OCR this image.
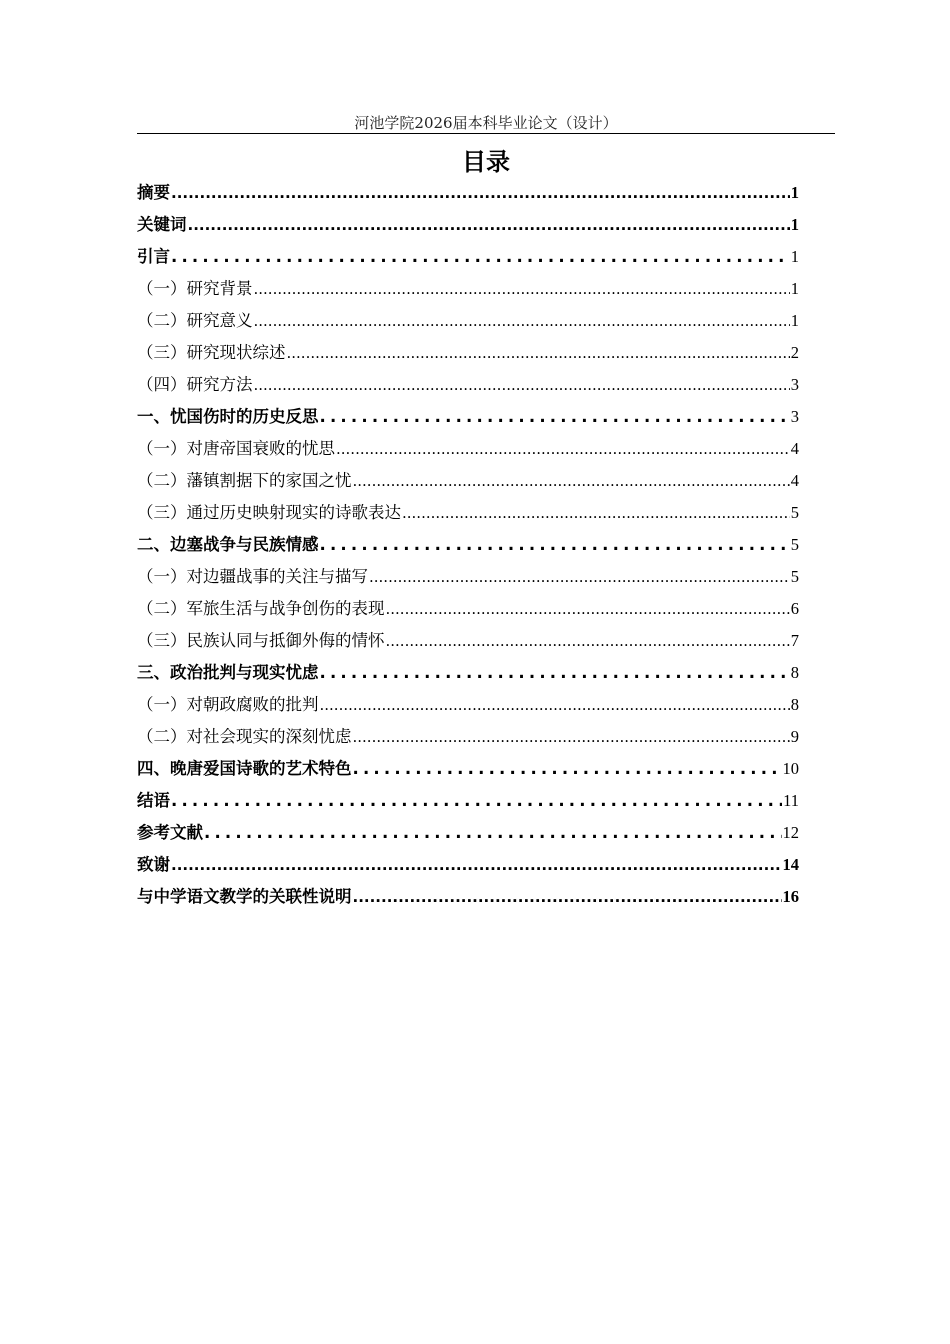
河池学院2026届本科毕业论文（设计）
目录
摘要 .....	1
关键词 .....	1
引言 .....	1
（一）研究背景 .....	1
（二）研究意义 .....	1
（三）研究现状综述 .....	2
（四）研究方法 .....	3
一、忧国伤时的历史反思 .....	3
（一）对唐帝国衰败的忧思 .....	4
（二）藩镇割据下的家国之忧 .....	4
（三）通过历史映射现实的诗歌表达 .....	5
二、边塞战争与民族情感 .....	5
（一）对边疆战事的关注与描写 .....	5
（二）军旅生活与战争创伤的表现 .....	6
（三）民族认同与抵御外侮的情怀 .....	7
三、政治批判与现实忧虑 .....	8
（一）对朝政腐败的批判 .....	8
（二）对社会现实的深刻忧虑 .....	9
四、晚唐爱国诗歌的艺术特色 .....	10
结语 .....	11
参考文献 .....	12
致谢 .....	14
与中学语文教学的关联性说明 .....	16
